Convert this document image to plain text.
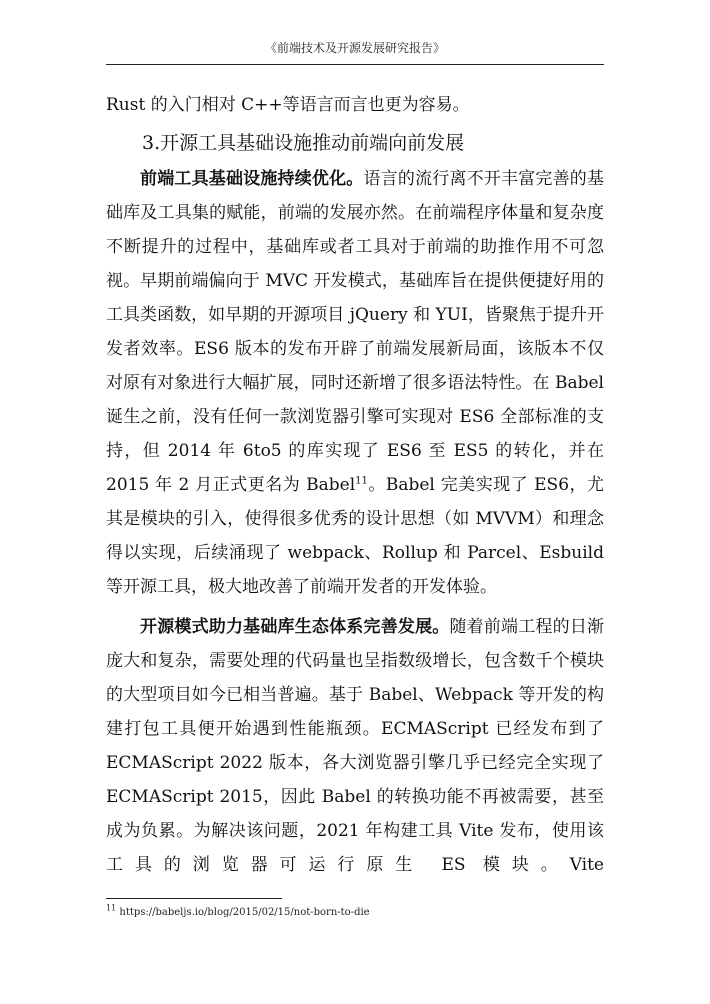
《前端技术及开源发展研究报告》

Rust 的入门相对 C++等语言而言也更为容易。

3.开源工具基础设施推动前端向前发展

前端工具基础设施持续优化。语言的流行离不开丰富完善的基础库及工具集的赋能，前端的发展亦然。在前端程序体量和复杂度不断提升的过程中，基础库或者工具对于前端的助推作用不可忽视。早期前端偏向于 MVC 开发模式，基础库旨在提供便捷好用的工具类函数，如早期的开源项目 jQuery 和 YUI，皆聚焦于提升开发者效率。ES6 版本的发布开辟了前端发展新局面，该版本不仅对原有对象进行大幅扩展，同时还新增了很多语法特性。在 Babel 诞生之前，没有任何一款浏览器引擎可实现对 ES6 全部标准的支持，但 2014 年 6to5 的库实现了 ES6 至 ES5 的转化，并在 2015 年 2 月正式更名为 Babel$^{11}$。Babel 完美实现了 ES6，尤其是模块的引入，使得很多优秀的设计思想（如 MVVM）和理念得以实现，后续涌现了 webpack、Rollup 和 Parcel、Esbuild 等开源工具，极大地改善了前端开发者的开发体验。

开源模式助力基础库生态体系完善发展。随着前端工程的日渐庞大和复杂，需要处理的代码量也呈指数级增长，包含数千个模块的大型项目如今已相当普遍。基于 Babel、Webpack 等开发的构建打包工具便开始遇到性能瓶颈。ECMAScript 已经发布到了 ECMAScript 2022 版本，各大浏览器引擎几乎已经完全实现了 ECMAScript 2015，因此 Babel 的转换功能不再被需要，甚至成为负累。为解决该问题，2021 年构建工具 Vite 发布，使用该工具的浏览器可运行原生 ES 模块。Vite

$^{11}$ https://babeljs.io/blog/2015/02/15/not-born-to-die
